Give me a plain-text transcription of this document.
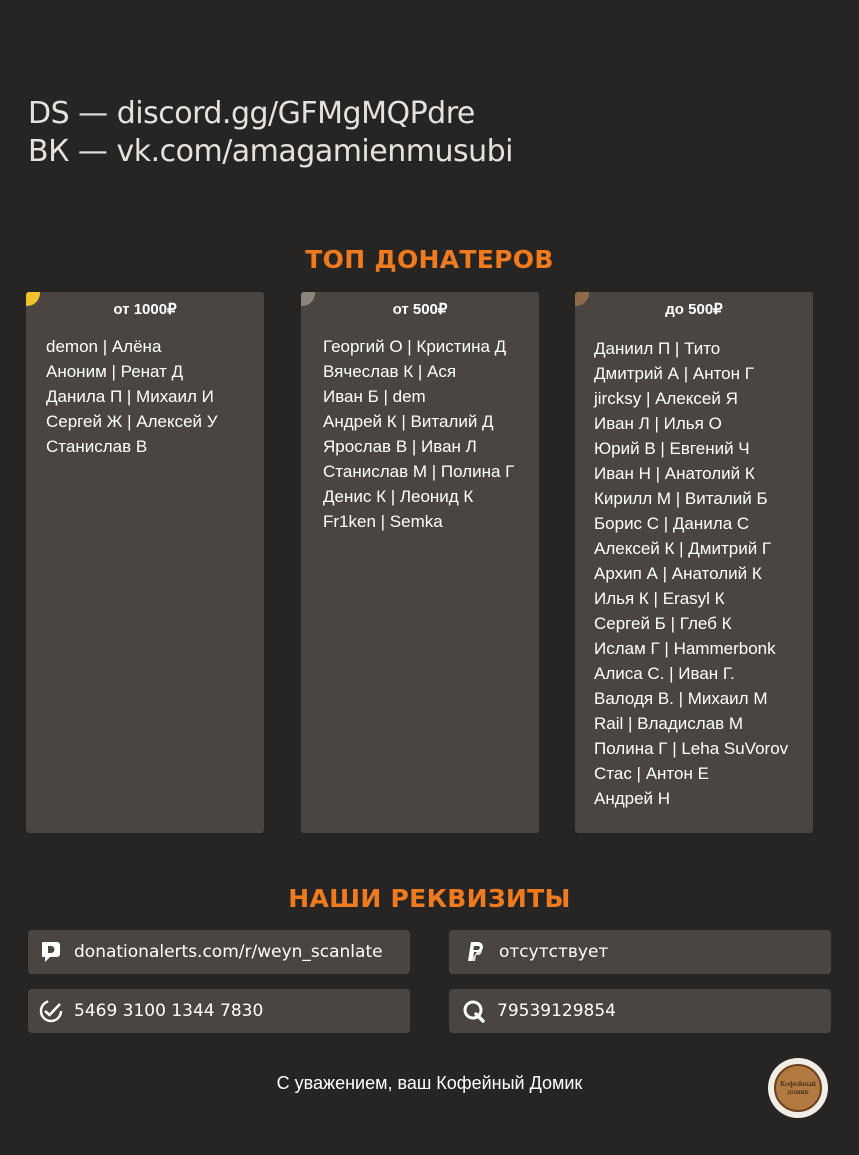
DS — discord.gg/GFMgMQPdre
ВК — vk.com/amagamienmusubi
ТОП ДОНАТЕРОВ
от 1000₽
demon | Алёна
Аноним | Ренат Д
Данила П | Михаил И
Сергей Ж | Алексей У
Станислав В
от 500₽
Георгий О | Кристина Д
Вячеслав К | Ася
Иван Б | dem
Андрей К | Виталий Д
Ярослав В | Иван Л
Станислав М | Полина Г
Денис К | Леонид К
Fr1ken | Semka
до 500₽
Даниил П | Тито
Дмитрий А | Антон Г
jircksy | Алексей Я
Иван Л | Илья О
Юрий В | Евгений Ч
Иван Н | Анатолий К
Кирилл М | Виталий Б
Борис С | Данила С
Алексей К | Дмитрий Г
Архип А | Анатолий К
Илья К | Erasyl К
Сергей Б | Глеб К
Ислам Г | Hammerbonk
Алиса С. | Иван Г.
Валодя В. | Михаил М
Rail | Владислав М
Полина Г | Leha SuVorov
Стас | Антон Е
Андрей Н
НАШИ РЕКВИЗИТЫ
donationalerts.com/r/weyn_scanlate	отсутствует
5469 3100 1344 7830	79539129854
С уважением, ваш Кофейный Домик	Кофейный
домик
